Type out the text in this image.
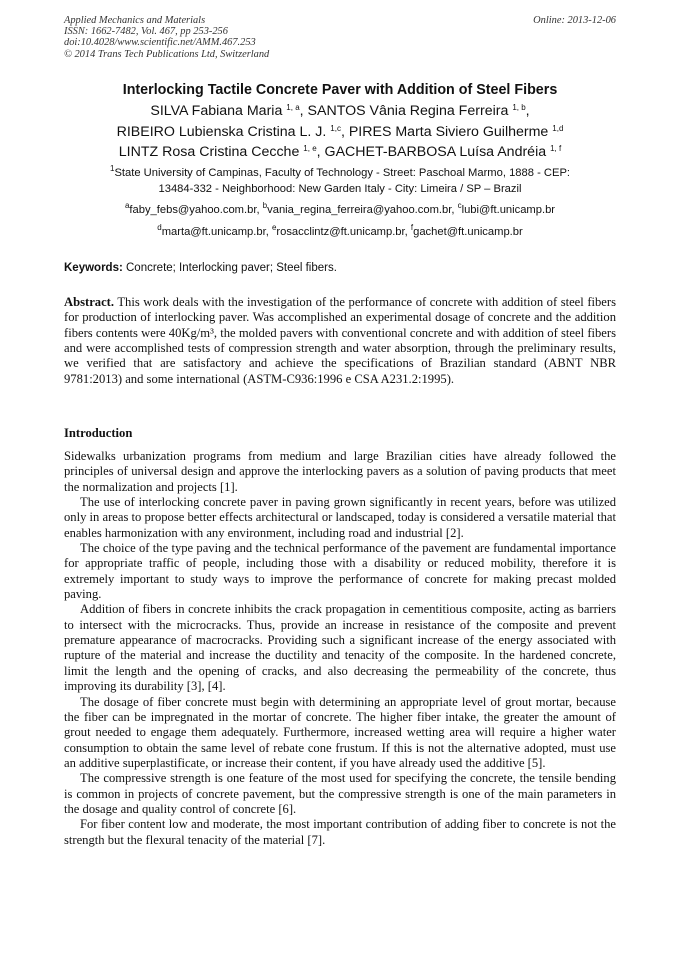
Applied Mechanics and Materials
ISSN: 1662-7482, Vol. 467, pp 253-256
doi:10.4028/www.scientific.net/AMM.467.253
© 2014 Trans Tech Publications Ltd, Switzerland
Online: 2013-12-06
Interlocking Tactile Concrete Paver with Addition of Steel Fibers
SILVA Fabiana Maria $^{1, a}$, SANTOS Vânia Regina Ferreira $^{1, b}$,
RIBEIRO Lubienska Cristina L. J. $^{1,c}$, PIRES Marta Siviero Guilherme $^{1,d}$
LINTZ Rosa Cristina Cecche $^{1, e}$, GACHET-BARBOSA Luísa Andréia $^{1, f}$
$^1$State University of Campinas, Faculty of Technology - Street: Paschoal Marmo, 1888 - CEP:
13484-332 - Neighborhood: New Garden Italy - City: Limeira / SP – Brazil
$^a$faby_febs@yahoo.com.br, $^b$vania_regina_ferreira@yahoo.com.br, $^c$lubi@ft.unicamp.br
$^d$marta@ft.unicamp.br, $^e$rosacclintz@ft.unicamp.br, $^f$gachet@ft.unicamp.br
Keywords: Concrete; Interlocking paver; Steel fibers.
Abstract. This work deals with the investigation of the performance of concrete with addition of steel fibers for production of interlocking paver. Was accomplished an experimental dosage of concrete and the addition fibers contents were 40Kg/m³, the molded pavers with conventional concrete and with addition of steel fibers and were accomplished tests of compression strength and water absorption, through the preliminary results, we verified that are satisfactory and achieve the specifications of Brazilian standard (ABNT NBR 9781:2013) and some international (ASTM-C936:1996 e CSA A231.2:1995).
Introduction

Sidewalks urbanization programs from medium and large Brazilian cities have already followed the principles of universal design and approve the interlocking pavers as a solution of paving products that meet the normalization and projects [1].

The use of interlocking concrete paver in paving grown significantly in recent years, before was utilized only in areas to propose better effects architectural or landscaped, today is considered a versatile material that enables harmonization with any environment, including road and industrial [2].

The choice of the type paving and the technical performance of the pavement are fundamental importance for appropriate traffic of people, including those with a disability or reduced mobility, therefore it is extremely important to study ways to improve the performance of concrete for making precast molded paving.

Addition of fibers in concrete inhibits the crack propagation in cementitious composite, acting as barriers to intersect with the microcracks. Thus, provide an increase in resistance of the composite and prevent premature appearance of macrocracks. Providing such a significant increase of the energy associated with rupture of the material and increase the ductility and tenacity of the composite. In the hardened concrete, limit the length and the opening of cracks, and also decreasing the permeability of the concrete, thus improving its durability [3], [4].

The dosage of fiber concrete must begin with determining an appropriate level of grout mortar, because the fiber can be impregnated in the mortar of concrete. The higher fiber intake, the greater the amount of grout needed to engage them adequately. Furthermore, increased wetting area will require a higher water consumption to obtain the same level of rebate cone frustum. If this is not the alternative adopted, must use an additive superplastificate, or increase their content, if you have already used the additive [5].

The compressive strength is one feature of the most used for specifying the concrete, the tensile bending is common in projects of concrete pavement, but the compressive strength is one of the main parameters in the dosage and quality control of concrete [6].

For fiber content low and moderate, the most important contribution of adding fiber to concrete is not the strength but the flexural tenacity of the material [7].
